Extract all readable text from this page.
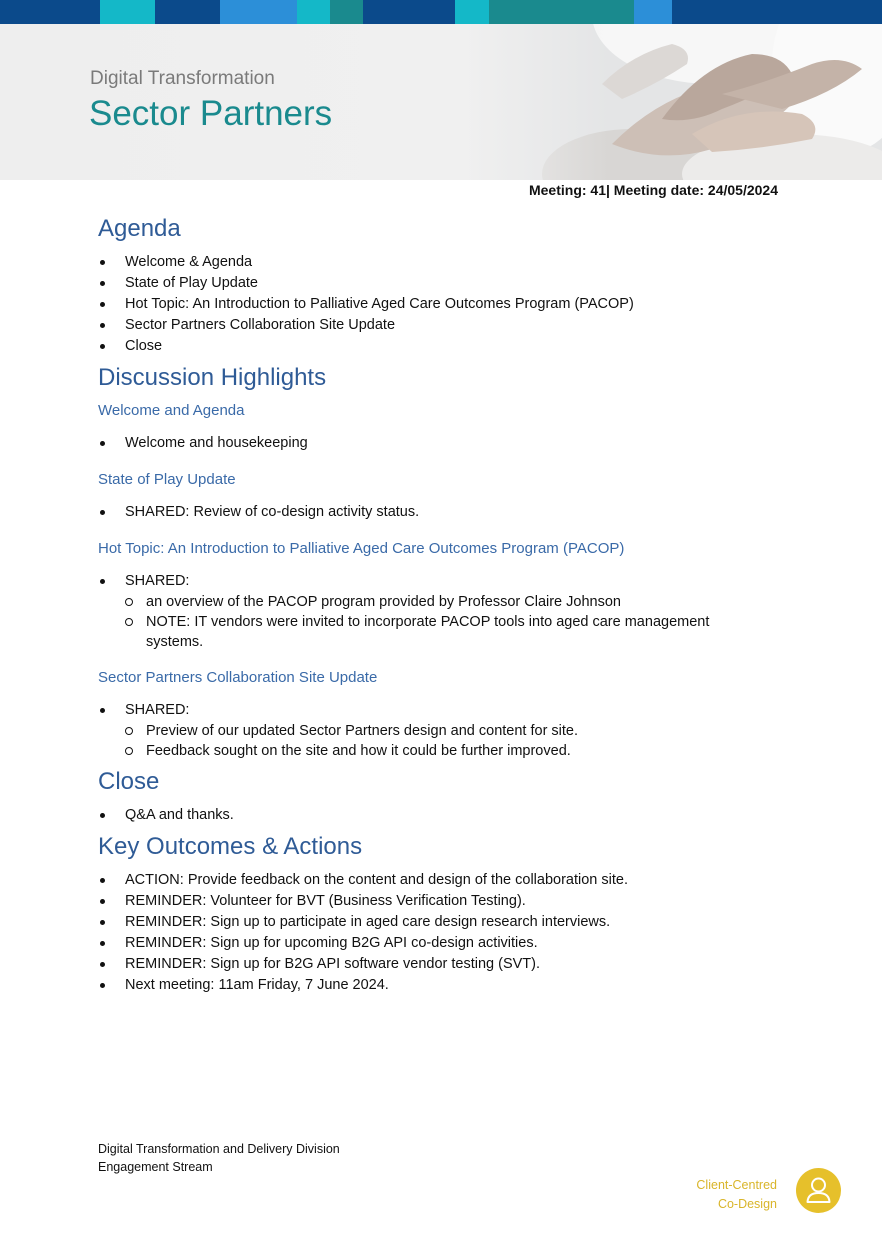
Digital Transformation
Sector Partners
Meeting: 41| Meeting date: 24/05/2024
Agenda
Welcome & Agenda
State of Play Update
Hot Topic: An Introduction to Palliative Aged Care Outcomes Program (PACOP)
Sector Partners Collaboration Site Update
Close
Discussion Highlights
Welcome and Agenda
Welcome and housekeeping
State of Play Update
SHARED: Review of co-design activity status.
Hot Topic: An Introduction to Palliative Aged Care Outcomes Program (PACOP)
SHARED:
an overview of the PACOP program provided by Professor Claire Johnson
NOTE: IT vendors were invited to incorporate PACOP tools into aged care management systems.
Sector Partners Collaboration Site Update
SHARED:
Preview of our updated Sector Partners design and content for site.
Feedback sought on the site and how it could be further improved.
Close
Q&A and thanks.
Key Outcomes & Actions
ACTION: Provide feedback on the content and design of the collaboration site.
REMINDER: Volunteer for BVT (Business Verification Testing).
REMINDER: Sign up to participate in aged care design research interviews.
REMINDER: Sign up for upcoming B2G API co-design activities.
REMINDER: Sign up for B2G API software vendor testing (SVT).
Next meeting: 11am Friday, 7 June 2024.
Digital Transformation and Delivery Division
Engagement Stream
Client-Centred
Co-Design
